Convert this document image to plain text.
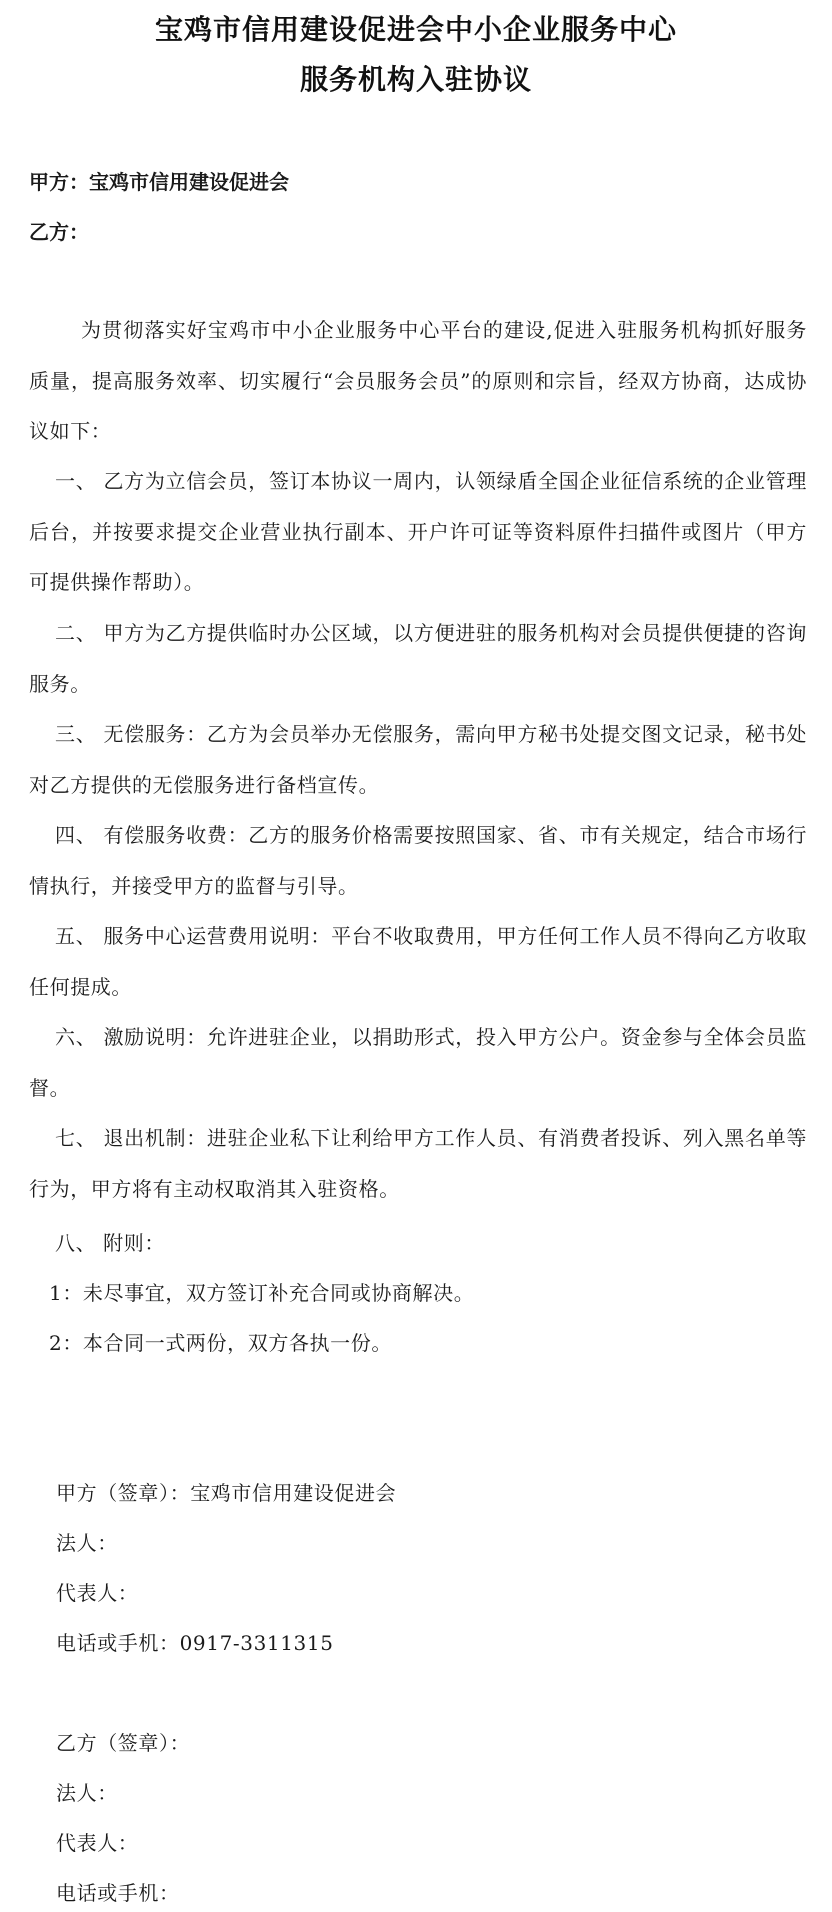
宝鸡市信用建设促进会中小企业服务中心
服务机构入驻协议
甲方：宝鸡市信用建设促进会
乙方：
为贯彻落实好宝鸡市中小企业服务中心平台的建设,促进入驻服务机构抓好服务质量，提高服务效率、切实履行“会员服务会员”的原则和宗旨，经双方协商，达成协议如下：
一、 乙方为立信会员，签订本协议一周内，认领绿盾全国企业征信系统的企业管理后台，并按要求提交企业营业执行副本、开户许可证等资料原件扫描件或图片（甲方可提供操作帮助）。
二、 甲方为乙方提供临时办公区域，以方便进驻的服务机构对会员提供便捷的咨询服务。
三、 无偿服务：乙方为会员举办无偿服务，需向甲方秘书处提交图文记录，秘书处对乙方提供的无偿服务进行备档宣传。
四、 有偿服务收费：乙方的服务价格需要按照国家、省、市有关规定，结合市场行情执行，并接受甲方的监督与引导。
五、 服务中心运营费用说明：平台不收取费用，甲方任何工作人员不得向乙方收取任何提成。
六、 激励说明：允许进驻企业，以捐助形式，投入甲方公户。资金参与全体会员监督。
七、 退出机制：进驻企业私下让利给甲方工作人员、有消费者投诉、列入黑名单等行为，甲方将有主动权取消其入驻资格。
八、 附则：
1：未尽事宜，双方签订补充合同或协商解决。
2：本合同一式两份，双方各执一份。
甲方（签章）：宝鸡市信用建设促进会
法人：
代表人：
电话或手机：0917-3311315
乙方（签章）：
法人：
代表人：
电话或手机：
